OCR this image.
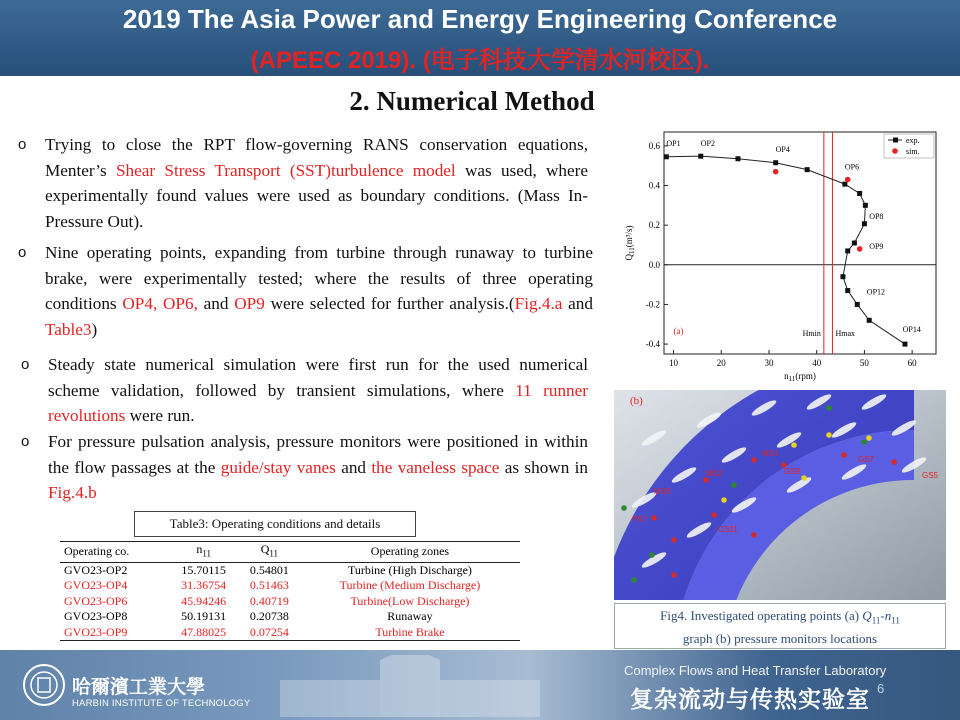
2019 The Asia Power and Energy Engineering Conference
(APEEC 2019). (电子科技大学清水河校区).
2. Numerical Method
o Trying to close the RPT flow-governing RANS conservation equations, Menter’s Shear Stress Transport (SST)turbulence model was used, where experimentally found values were used as boundary conditions. (Mass In-Pressure Out).
o Nine operating points, expanding from turbine through runaway to turbine brake, were experimentally tested; where the results of three operating conditions OP4, OP6, and OP9 were selected for further analysis.(Fig.4.a and Table3)
o Steady state numerical simulation were first run for the used numerical scheme validation, followed by transient simulations, where 11 runner revolutions were run.
o For pressure pulsation analysis, pressure monitors were positioned in within the flow passages at the guide/stay vanes and the vaneless space as shown in Fig.4.b
Table3: Operating conditions and details
Operating co.	$n_{11}$	$Q_{11}$	Operating zones
GVO23-OP2	15.70115	0.54801	Turbine (High Discharge)
GVO23-OP4	31.36754	0.51463	Turbine (Medium Discharge)
GVO23-OP6	45.94246	0.40719	Turbine(Low Discharge)
GVO23-OP8	50.19131	0.20738	Runaway
GVO23-OP9	47.88025	0.07254	Turbine Brake
10	20	30	40	50	60
-0.4
-0.2
0.0
0.2
0.4
0.6
$n_{11}(rpm)$
$Q_{11}(m^3/s)$
Hmin Hmax
OP1	OP2
OP4
OP6
OP8
OP9
OP12
OP14
exp.
sim.
(a)
MS1
MS2
MS3
GS9
GS7
GS5
GS11
PS7
(b)
Fig4. Investigated operating points (a) $Q_{11}-n_{11}$
graph (b) pressure monitors locations
哈爾濱工業大學
HARBIN INSTITUTE OF TECHNOLOGY
Complex Flows and Heat Transfer Laboratory
复杂流动与传热实验室 6
